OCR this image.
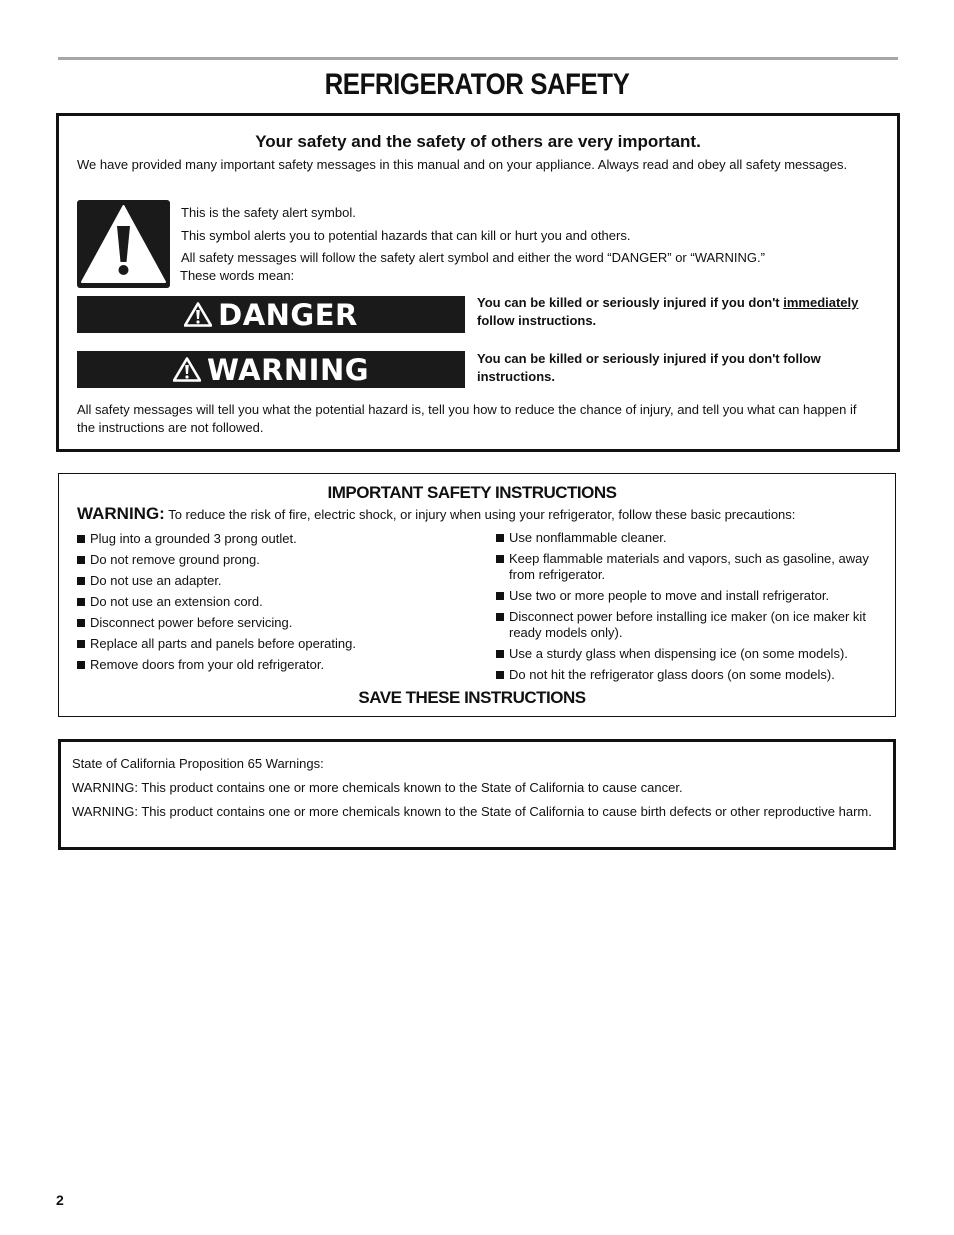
REFRIGERATOR SAFETY
Your safety and the safety of others are very important.

We have provided many important safety messages in this manual and on your appliance. Always read and obey all safety messages.

This is the safety alert symbol.

This symbol alerts you to potential hazards that can kill or hurt you and others.

All safety messages will follow the safety alert symbol and either the word “DANGER” or “WARNING.”

These words mean:

DANGER	You can be killed or seriously injured if you don't immediately
follow instructions.
WARNING	You can be killed or seriously injured if you don't follow instructions.

All safety messages will tell you what the potential hazard is, tell you how to reduce the chance of injury, and tell you what can happen if the instructions are not followed.

IMPORTANT SAFETY INSTRUCTIONS
WARNING: To reduce the risk of fire, electric shock, or injury when using your refrigerator, follow these basic precautions:
Plug into a grounded 3 prong outlet.
Do not remove ground prong.
Do not use an adapter.
Do not use an extension cord.
Disconnect power before servicing.
Replace all parts and panels before operating.
Remove doors from your old refrigerator.
Use nonflammable cleaner.
Keep flammable materials and vapors, such as gasoline, away from refrigerator.
Use two or more people to move and install refrigerator.
Disconnect power before installing ice maker (on ice maker kit ready models only).
Use a sturdy glass when dispensing ice (on some models).
Do not hit the refrigerator glass doors (on some models).
SAVE THESE INSTRUCTIONS

State of California Proposition 65 Warnings:

WARNING: This product contains one or more chemicals known to the State of California to cause cancer.

WARNING: This product contains one or more chemicals known to the State of California to cause birth defects or other reproductive harm.

2
